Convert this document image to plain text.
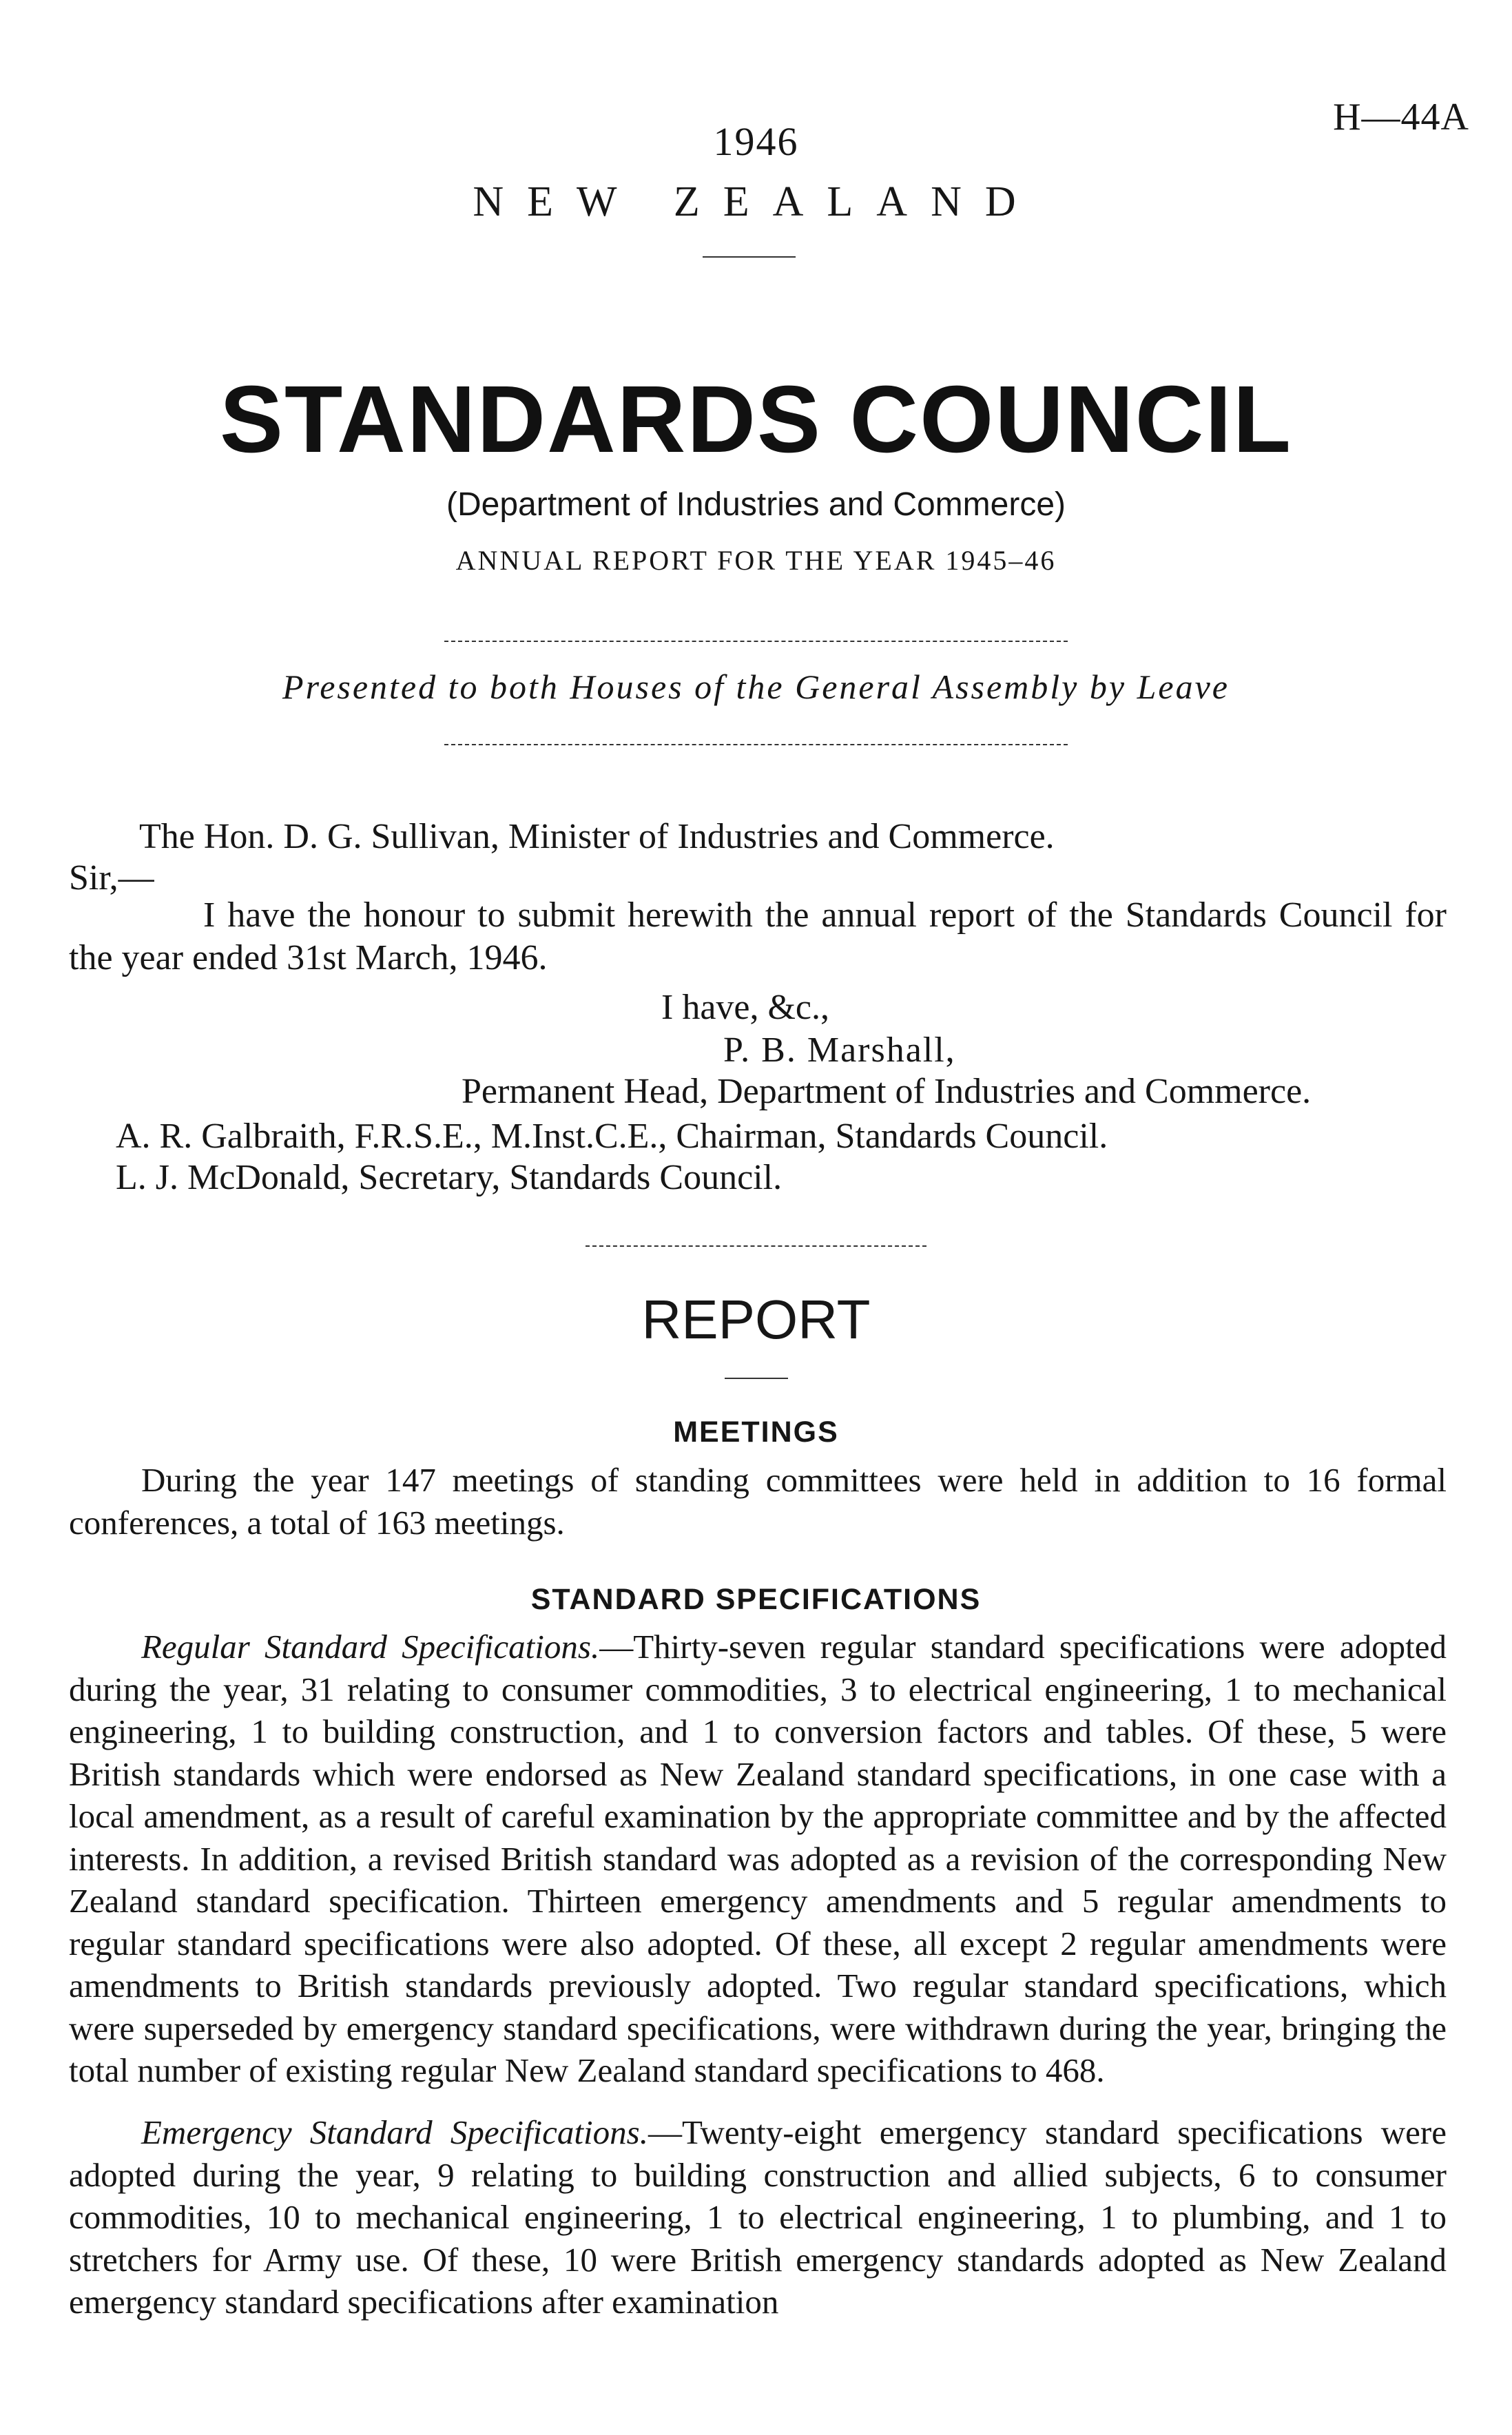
H—44A
1946
NEW ZEALAND
STANDARDS COUNCIL
(Department of Industries and Commerce)
ANNUAL REPORT FOR THE YEAR 1945–46
Presented to both Houses of the General Assembly by Leave
The Hon. D. G. Sullivan, Minister of Industries and Commerce.
Sir,—

I have the honour to submit herewith the annual report of the Standards Council for the year ended 31st March, 1946.

I have, &c.,
P. B. Marshall,
Permanent Head, Department of Industries and Commerce.
A. R. Galbraith, F.R.S.E., M.Inst.C.E., Chairman, Standards Council.
L. J. McDonald, Secretary, Standards Council.
REPORT
MEETINGS

During the year 147 meetings of standing committees were held in addition to 16 formal conferences, a total of 163 meetings.

STANDARD SPECIFICATIONS

Regular Standard Specifications.—Thirty-seven regular standard specifications were adopted during the year, 31 relating to consumer commodities, 3 to electrical engineering, 1 to mechanical engineering, 1 to building construction, and 1 to conversion factors and tables. Of these, 5 were British standards which were endorsed as New Zealand standard specifications, in one case with a local amendment, as a result of careful examination by the appropriate committee and by the affected interests. In addition, a revised British standard was adopted as a revision of the corresponding New Zealand standard specification. Thirteen emergency amendments and 5 regular amendments to regular standard specifications were also adopted. Of these, all except 2 regular amendments were amendments to British standards previously adopted. Two regular standard specifications, which were superseded by emergency standard specifications, were withdrawn during the year, bringing the total number of existing regular New Zealand standard specifications to 468.

Emergency Standard Specifications.—Twenty-eight emergency standard specifications were adopted during the year, 9 relating to building construction and allied subjects, 6 to consumer commodities, 10 to mechanical engineering, 1 to electrical engineering, 1 to plumbing, and 1 to stretchers for Army use. Of these, 10 were British emergency standards adopted as New Zealand emergency standard specifications after examination
